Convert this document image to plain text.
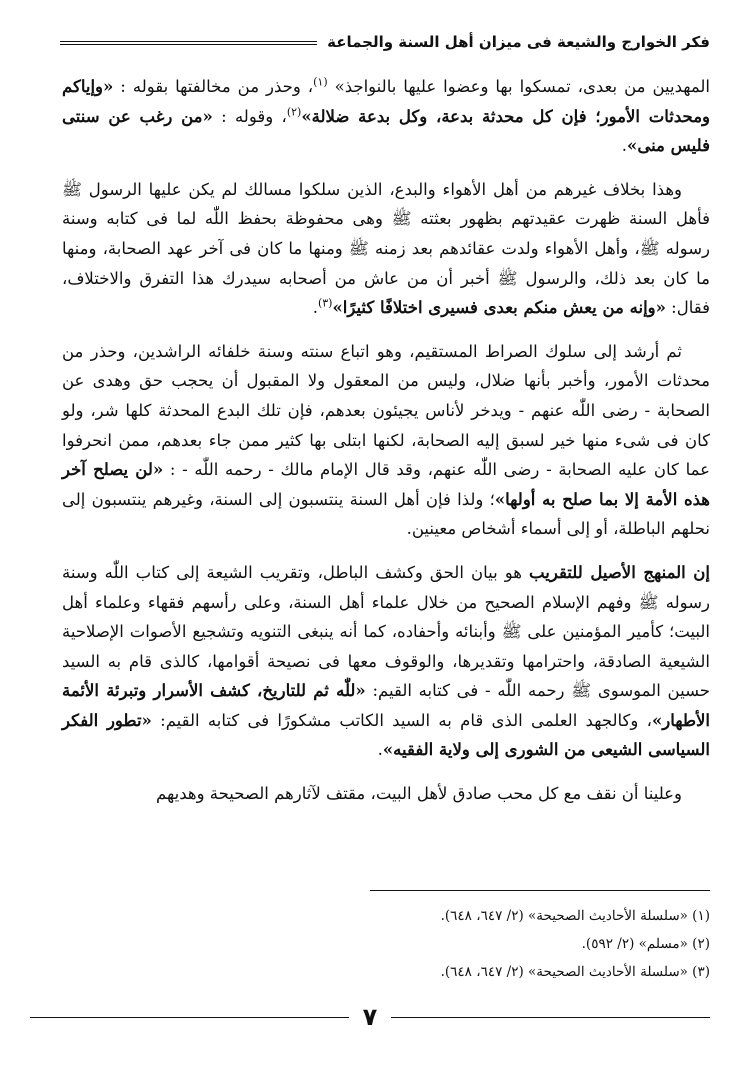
فكر الخوارج والشيعة فى ميزان أهل السنة والجماعة

المهديين من بعدى، تمسكوا بها وعضوا عليها بالنواجذ» $^{(١)}$، وحذر من مخالفتها بقوله : «وإياكم ومحدثات الأمور؛ فإن كل محدثة بدعة، وكل بدعة ضلالة»$^{(٢)}$، وقوله : «من رغب عن سنتى فليس منى».

وهذا بخلاف غيرهم من أهل الأهواء والبدع، الذين سلكوا مسالك لم يكن عليها الرسول ﷺ فأهل السنة ظهرت عقيدتهم بظهور بعثته ﷺ وهى محفوظة بحفظ اللّٰه لما فى كتابه وسنة رسوله ﷺ، وأهل الأهواء ولدت عقائدهم بعد زمنه ﷺ ومنها ما كان فى آخر عهد الصحابة، ومنها ما كان بعد ذلك، والرسول ﷺ أخبر أن من عاش من أصحابه سيدرك هذا التفرق والاختلاف، فقال: «وإنه من يعش منكم بعدى فسيرى اختلافًا كثيرًا»$^{(٣)}$.

ثم أرشد إلى سلوك الصراط المستقيم، وهو اتباع سنته وسنة خلفائه الراشدين، وحذر من محدثات الأمور، وأخبر بأنها ضلال، وليس من المعقول ولا المقبول أن يحجب حق وهدى عن الصحابة - رضى اللّٰه عنهم - ويدخر لأناس يجيئون بعدهم، فإن تلك البدع المحدثة كلها شر، ولو كان فى شىء منها خير لسبق إليه الصحابة، لكنها ابتلى بها كثير ممن جاء بعدهم، ممن انحرفوا عما كان عليه الصحابة - رضى اللّٰه عنهم، وقد قال الإمام مالك - رحمه اللّٰه - : «لن يصلح آخر هذه الأمة إلا بما صلح به أولها»؛ ولذا فإن أهل السنة ينتسبون إلى السنة، وغيرهم ينتسبون إلى نحلهم الباطلة، أو إلى أسماء أشخاص معينين.

إن المنهج الأصيل للتقريب هو بيان الحق وكشف الباطل، وتقريب الشيعة إلى كتاب اللّٰه وسنة رسوله ﷺ وفهم الإسلام الصحيح من خلال علماء أهل السنة، وعلى رأسهم فقهاء وعلماء أهل البيت؛ كأمير المؤمنين على ﷺ وأبنائه وأحفاده، كما أنه ينبغى التنويه وتشجيع الأصوات الإصلاحية الشيعية الصادقة، واحترامها وتقديرها، والوقوف معها فى نصيحة أقوامها، كالذى قام به السيد حسين الموسوى ﷺ رحمه اللّٰه - فى كتابه القيم: «للّٰه ثم للتاريخ، كشف الأسرار وتبرئة الأئمة الأطهار»، وكالجهد العلمى الذى قام به السيد الكاتب مشكورًا فى كتابه القيم: «تطور الفكر السياسى الشيعى من الشورى إلى ولاية الفقيه».

وعلينا أن نقف مع كل محب صادق لأهل البيت، مقتف لآثارهم الصحيحة وهديهم

(١) «سلسلة الأحاديث الصحيحة» (٢/ ٦٤٧، ٦٤٨).

(٢) «مسلم» (٢/ ٥٩٢).

(٣) «سلسلة الأحاديث الصحيحة» (٢/ ٦٤٧، ٦٤٨).

٧
